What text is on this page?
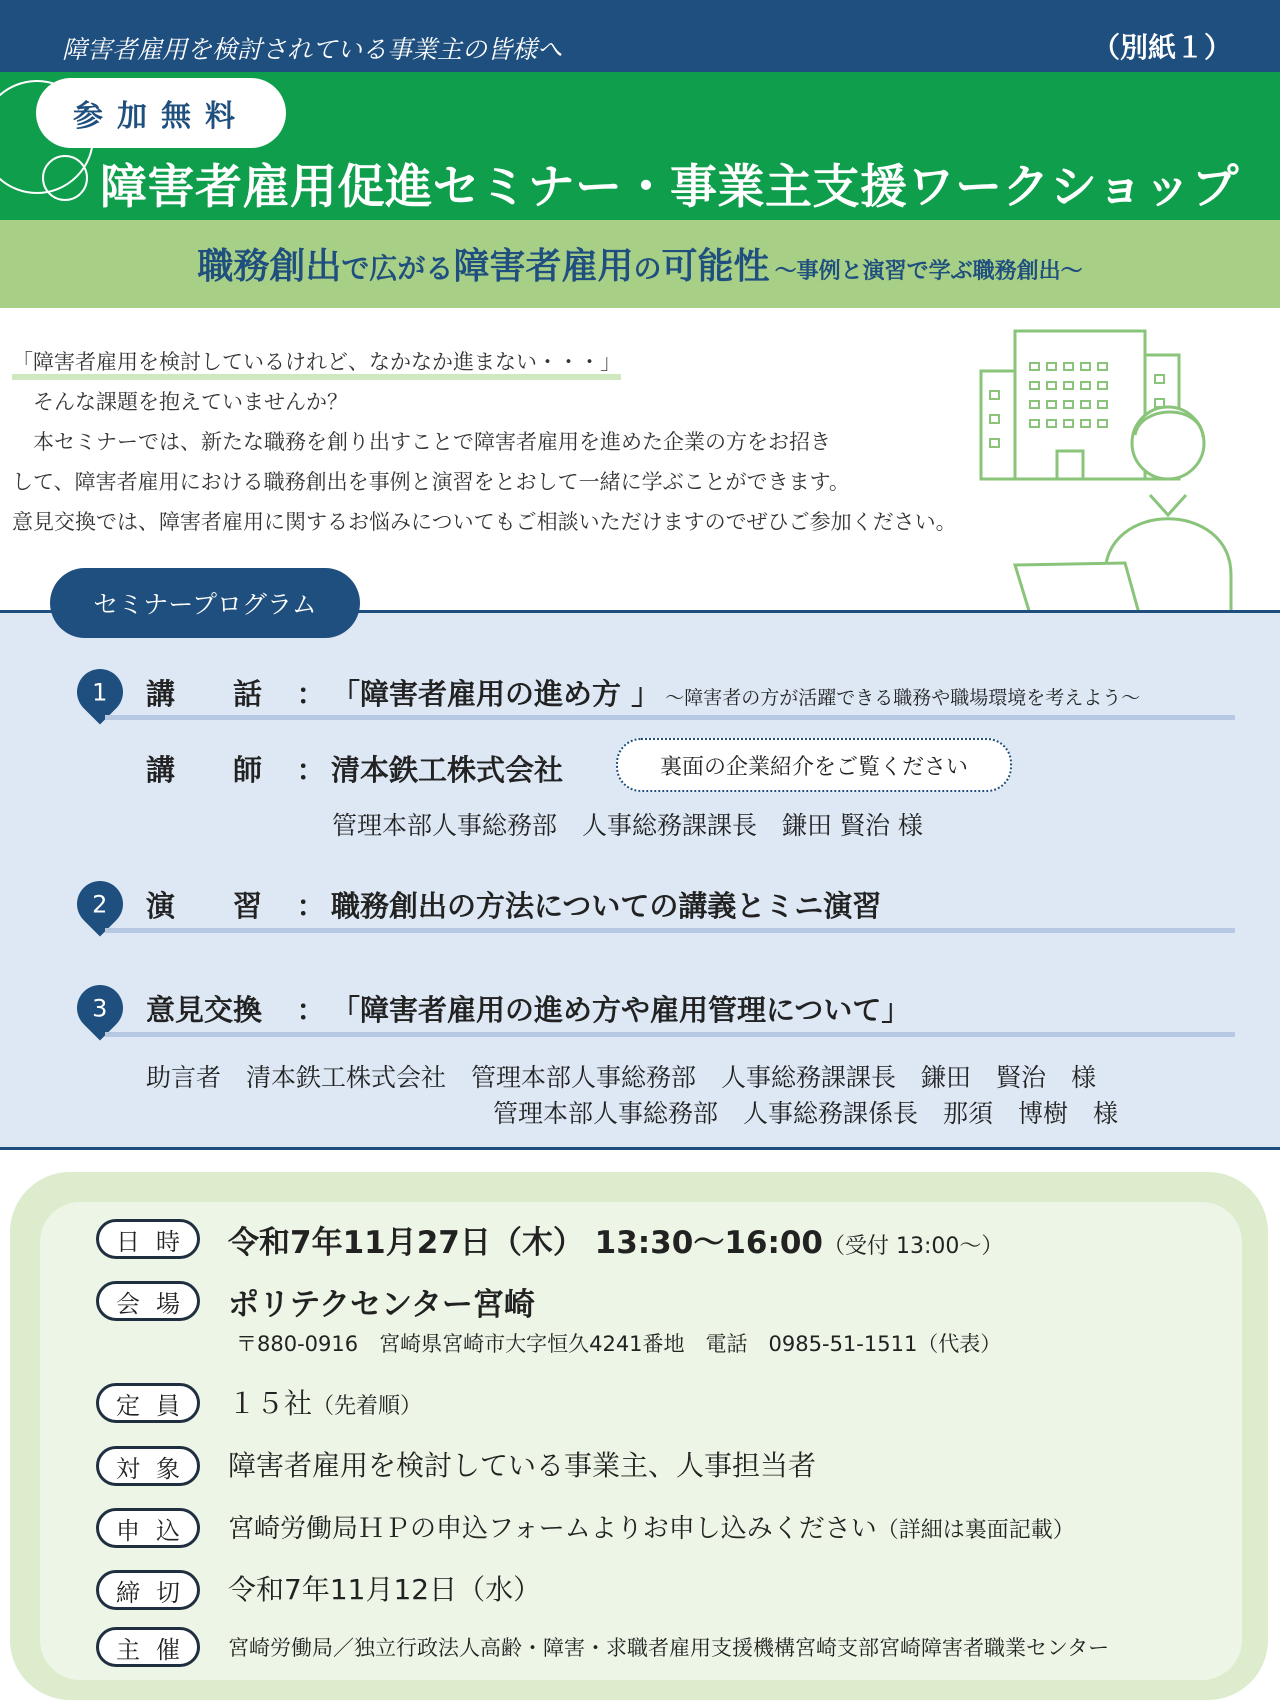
障害者雇用を検討されている事業主の皆様へ	（別紙１）
参加無料
障害者雇用促進セミナー・事業主支援ワークショップ
職務創出で広がる障害者雇用の可能性 ～事例と演習で学ぶ職務創出～
「障害者雇用を検討しているけれど、なかなか進まない・・・」
　そんな課題を抱えていませんか？
　本セミナーでは、新たな職務を創り出すことで障害者雇用を進めた企業の方をお招き
して、障害者雇用における職務創出を事例と演習をとおして一緒に学ぶことができます。
意見交換では、障害者雇用に関するお悩みについてもご相談いただけますのでぜひご参加ください。
セミナープログラム
1 講　　話 ： 「障害者雇用の進め方 」 ～障害者の方が活躍できる職務や職場環境を考えよう～
講　　師 ： 清本鉄工株式会社	裏面の企業紹介をご覧ください
管理本部人事総務部　人事総務課課長　鎌田 賢治 様
2 演　　習 ： 職務創出の方法についての講義とミニ演習
3 意見交換 ： 「障害者雇用の進め方や雇用管理について」
助言者　清本鉄工株式会社　管理本部人事総務部　人事総務課課長　鎌田　賢治　様
管理本部人事総務部　人事総務課係長　那須　博樹　様
日時 令和7年11月27日（木） 13:30～16:00（受付 13:00～）
会場 ポリテクセンター宮崎
〒880-0916　宮崎県宮崎市大字恒久4241番地　電話　0985-51-1511（代表）
定員 １５社（先着順）
対象 障害者雇用を検討している事業主、人事担当者
申込 宮崎労働局ＨＰの申込フォームよりお申し込みください（詳細は裏面記載）
締切 令和7年11月12日（水）
主催 宮崎労働局／独立行政法人高齢・障害・求職者雇用支援機構宮崎支部宮崎障害者職業センター
